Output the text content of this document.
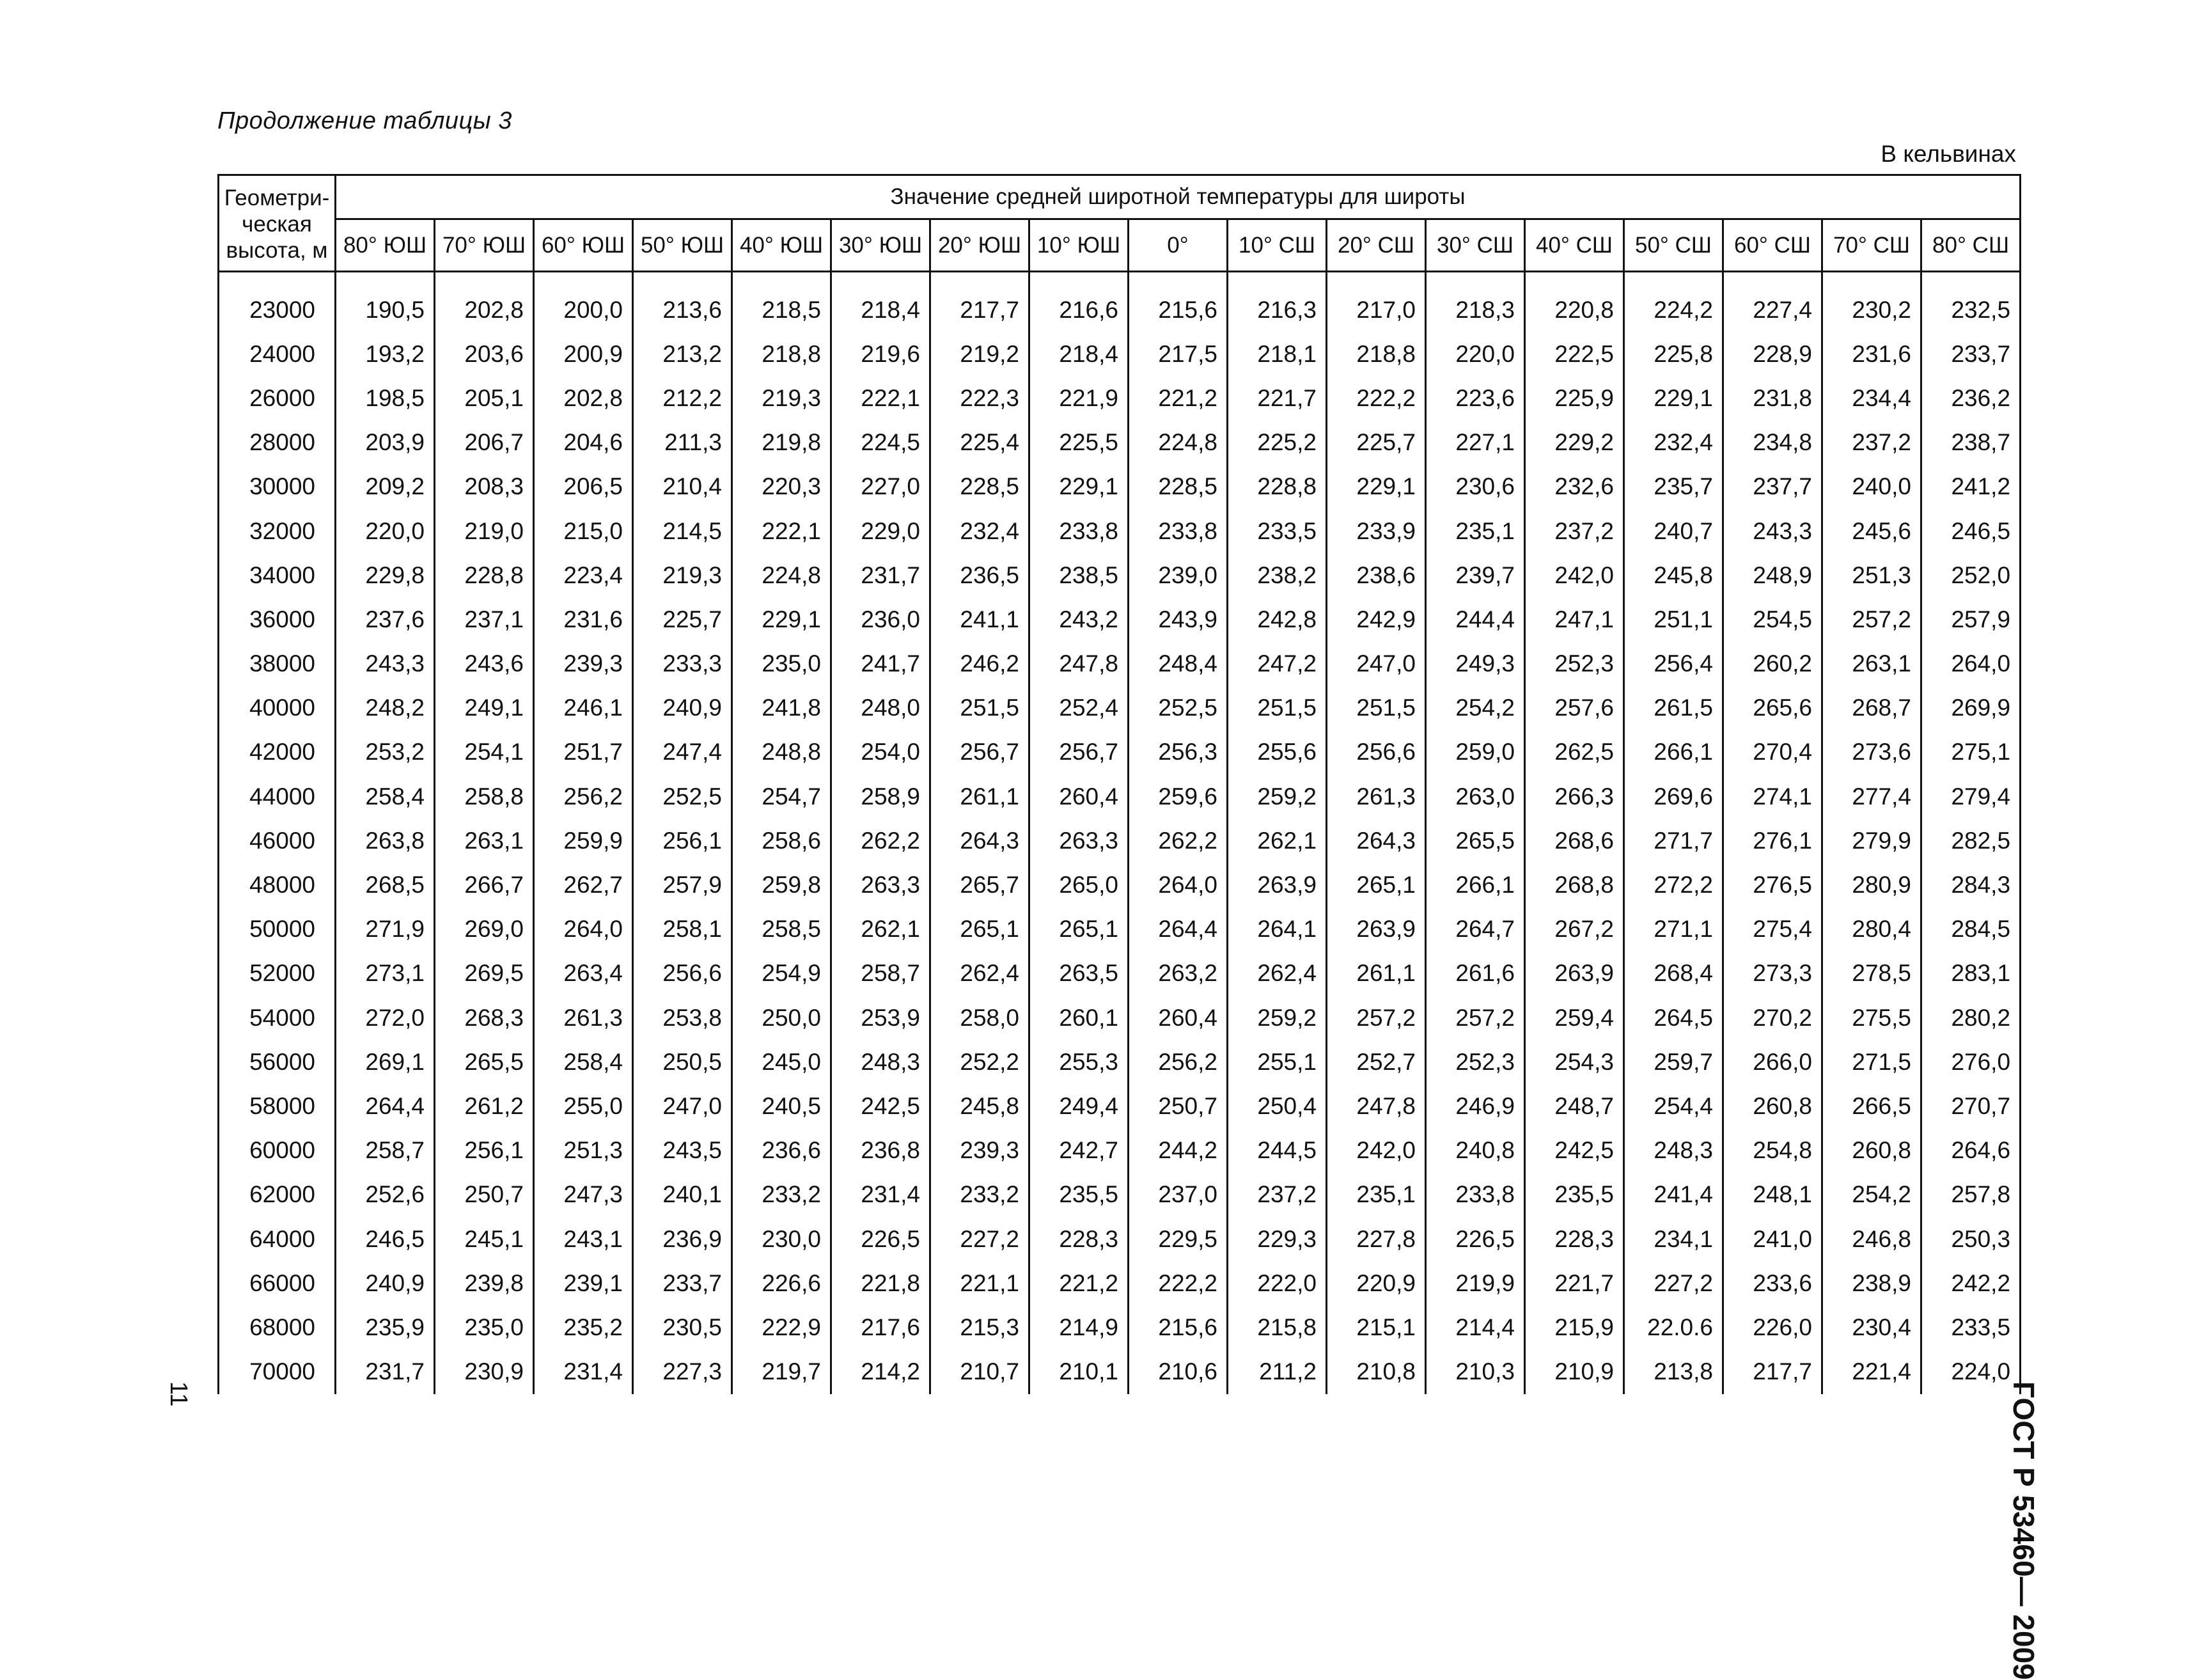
Продолжение таблицы 3
В кельвинах
Геометри-
ческая
высота, м	Значение средней широтной температуры для широты																
	80° ЮШ	70° ЮШ	60° ЮШ	50° ЮШ	40° ЮШ	30° ЮШ	20° ЮШ	10° ЮШ	0°	10° СШ	20° СШ	30° СШ	40° СШ	50° СШ	60° СШ	70° СШ	80° СШ

23000	190,5	202,8	200,0	213,6	218,5	218,4	217,7	216,6	215,6	216,3	217,0	218,3	220,8	224,2	227,4	230,2	232,5
24000	193,2	203,6	200,9	213,2	218,8	219,6	219,2	218,4	217,5	218,1	218,8	220,0	222,5	225,8	228,9	231,6	233,7
26000	198,5	205,1	202,8	212,2	219,3	222,1	222,3	221,9	221,2	221,7	222,2	223,6	225,9	229,1	231,8	234,4	236,2
28000	203,9	206,7	204,6	211,3	219,8	224,5	225,4	225,5	224,8	225,2	225,7	227,1	229,2	232,4	234,8	237,2	238,7
30000	209,2	208,3	206,5	210,4	220,3	227,0	228,5	229,1	228,5	228,8	229,1	230,6	232,6	235,7	237,7	240,0	241,2
32000	220,0	219,0	215,0	214,5	222,1	229,0	232,4	233,8	233,8	233,5	233,9	235,1	237,2	240,7	243,3	245,6	246,5
34000	229,8	228,8	223,4	219,3	224,8	231,7	236,5	238,5	239,0	238,2	238,6	239,7	242,0	245,8	248,9	251,3	252,0
36000	237,6	237,1	231,6	225,7	229,1	236,0	241,1	243,2	243,9	242,8	242,9	244,4	247,1	251,1	254,5	257,2	257,9
38000	243,3	243,6	239,3	233,3	235,0	241,7	246,2	247,8	248,4	247,2	247,0	249,3	252,3	256,4	260,2	263,1	264,0
40000	248,2	249,1	246,1	240,9	241,8	248,0	251,5	252,4	252,5	251,5	251,5	254,2	257,6	261,5	265,6	268,7	269,9
42000	253,2	254,1	251,7	247,4	248,8	254,0	256,7	256,7	256,3	255,6	256,6	259,0	262,5	266,1	270,4	273,6	275,1
44000	258,4	258,8	256,2	252,5	254,7	258,9	261,1	260,4	259,6	259,2	261,3	263,0	266,3	269,6	274,1	277,4	279,4
46000	263,8	263,1	259,9	256,1	258,6	262,2	264,3	263,3	262,2	262,1	264,3	265,5	268,6	271,7	276,1	279,9	282,5
48000	268,5	266,7	262,7	257,9	259,8	263,3	265,7	265,0	264,0	263,9	265,1	266,1	268,8	272,2	276,5	280,9	284,3
50000	271,9	269,0	264,0	258,1	258,5	262,1	265,1	265,1	264,4	264,1	263,9	264,7	267,2	271,1	275,4	280,4	284,5
52000	273,1	269,5	263,4	256,6	254,9	258,7	262,4	263,5	263,2	262,4	261,1	261,6	263,9	268,4	273,3	278,5	283,1
54000	272,0	268,3	261,3	253,8	250,0	253,9	258,0	260,1	260,4	259,2	257,2	257,2	259,4	264,5	270,2	275,5	280,2
56000	269,1	265,5	258,4	250,5	245,0	248,3	252,2	255,3	256,2	255,1	252,7	252,3	254,3	259,7	266,0	271,5	276,0
58000	264,4	261,2	255,0	247,0	240,5	242,5	245,8	249,4	250,7	250,4	247,8	246,9	248,7	254,4	260,8	266,5	270,7
60000	258,7	256,1	251,3	243,5	236,6	236,8	239,3	242,7	244,2	244,5	242,0	240,8	242,5	248,3	254,8	260,8	264,6
62000	252,6	250,7	247,3	240,1	233,2	231,4	233,2	235,5	237,0	237,2	235,1	233,8	235,5	241,4	248,1	254,2	257,8
64000	246,5	245,1	243,1	236,9	230,0	226,5	227,2	228,3	229,5	229,3	227,8	226,5	228,3	234,1	241,0	246,8	250,3
66000	240,9	239,8	239,1	233,7	226,6	221,8	221,1	221,2	222,2	222,0	220,9	219,9	221,7	227,2	233,6	238,9	242,2
68000	235,9	235,0	235,2	230,5	222,9	217,6	215,3	214,9	215,6	215,8	215,1	214,4	215,9	22.0.6	226,0	230,4	233,5
70000	231,7	230,9	231,4	227,3	219,7	214,2	210,7	210,1	210,6	211,2	210,8	210,3	210,9	213,8	217,7	221,4	224,0
ГОСТ Р 53460— 2009
11
